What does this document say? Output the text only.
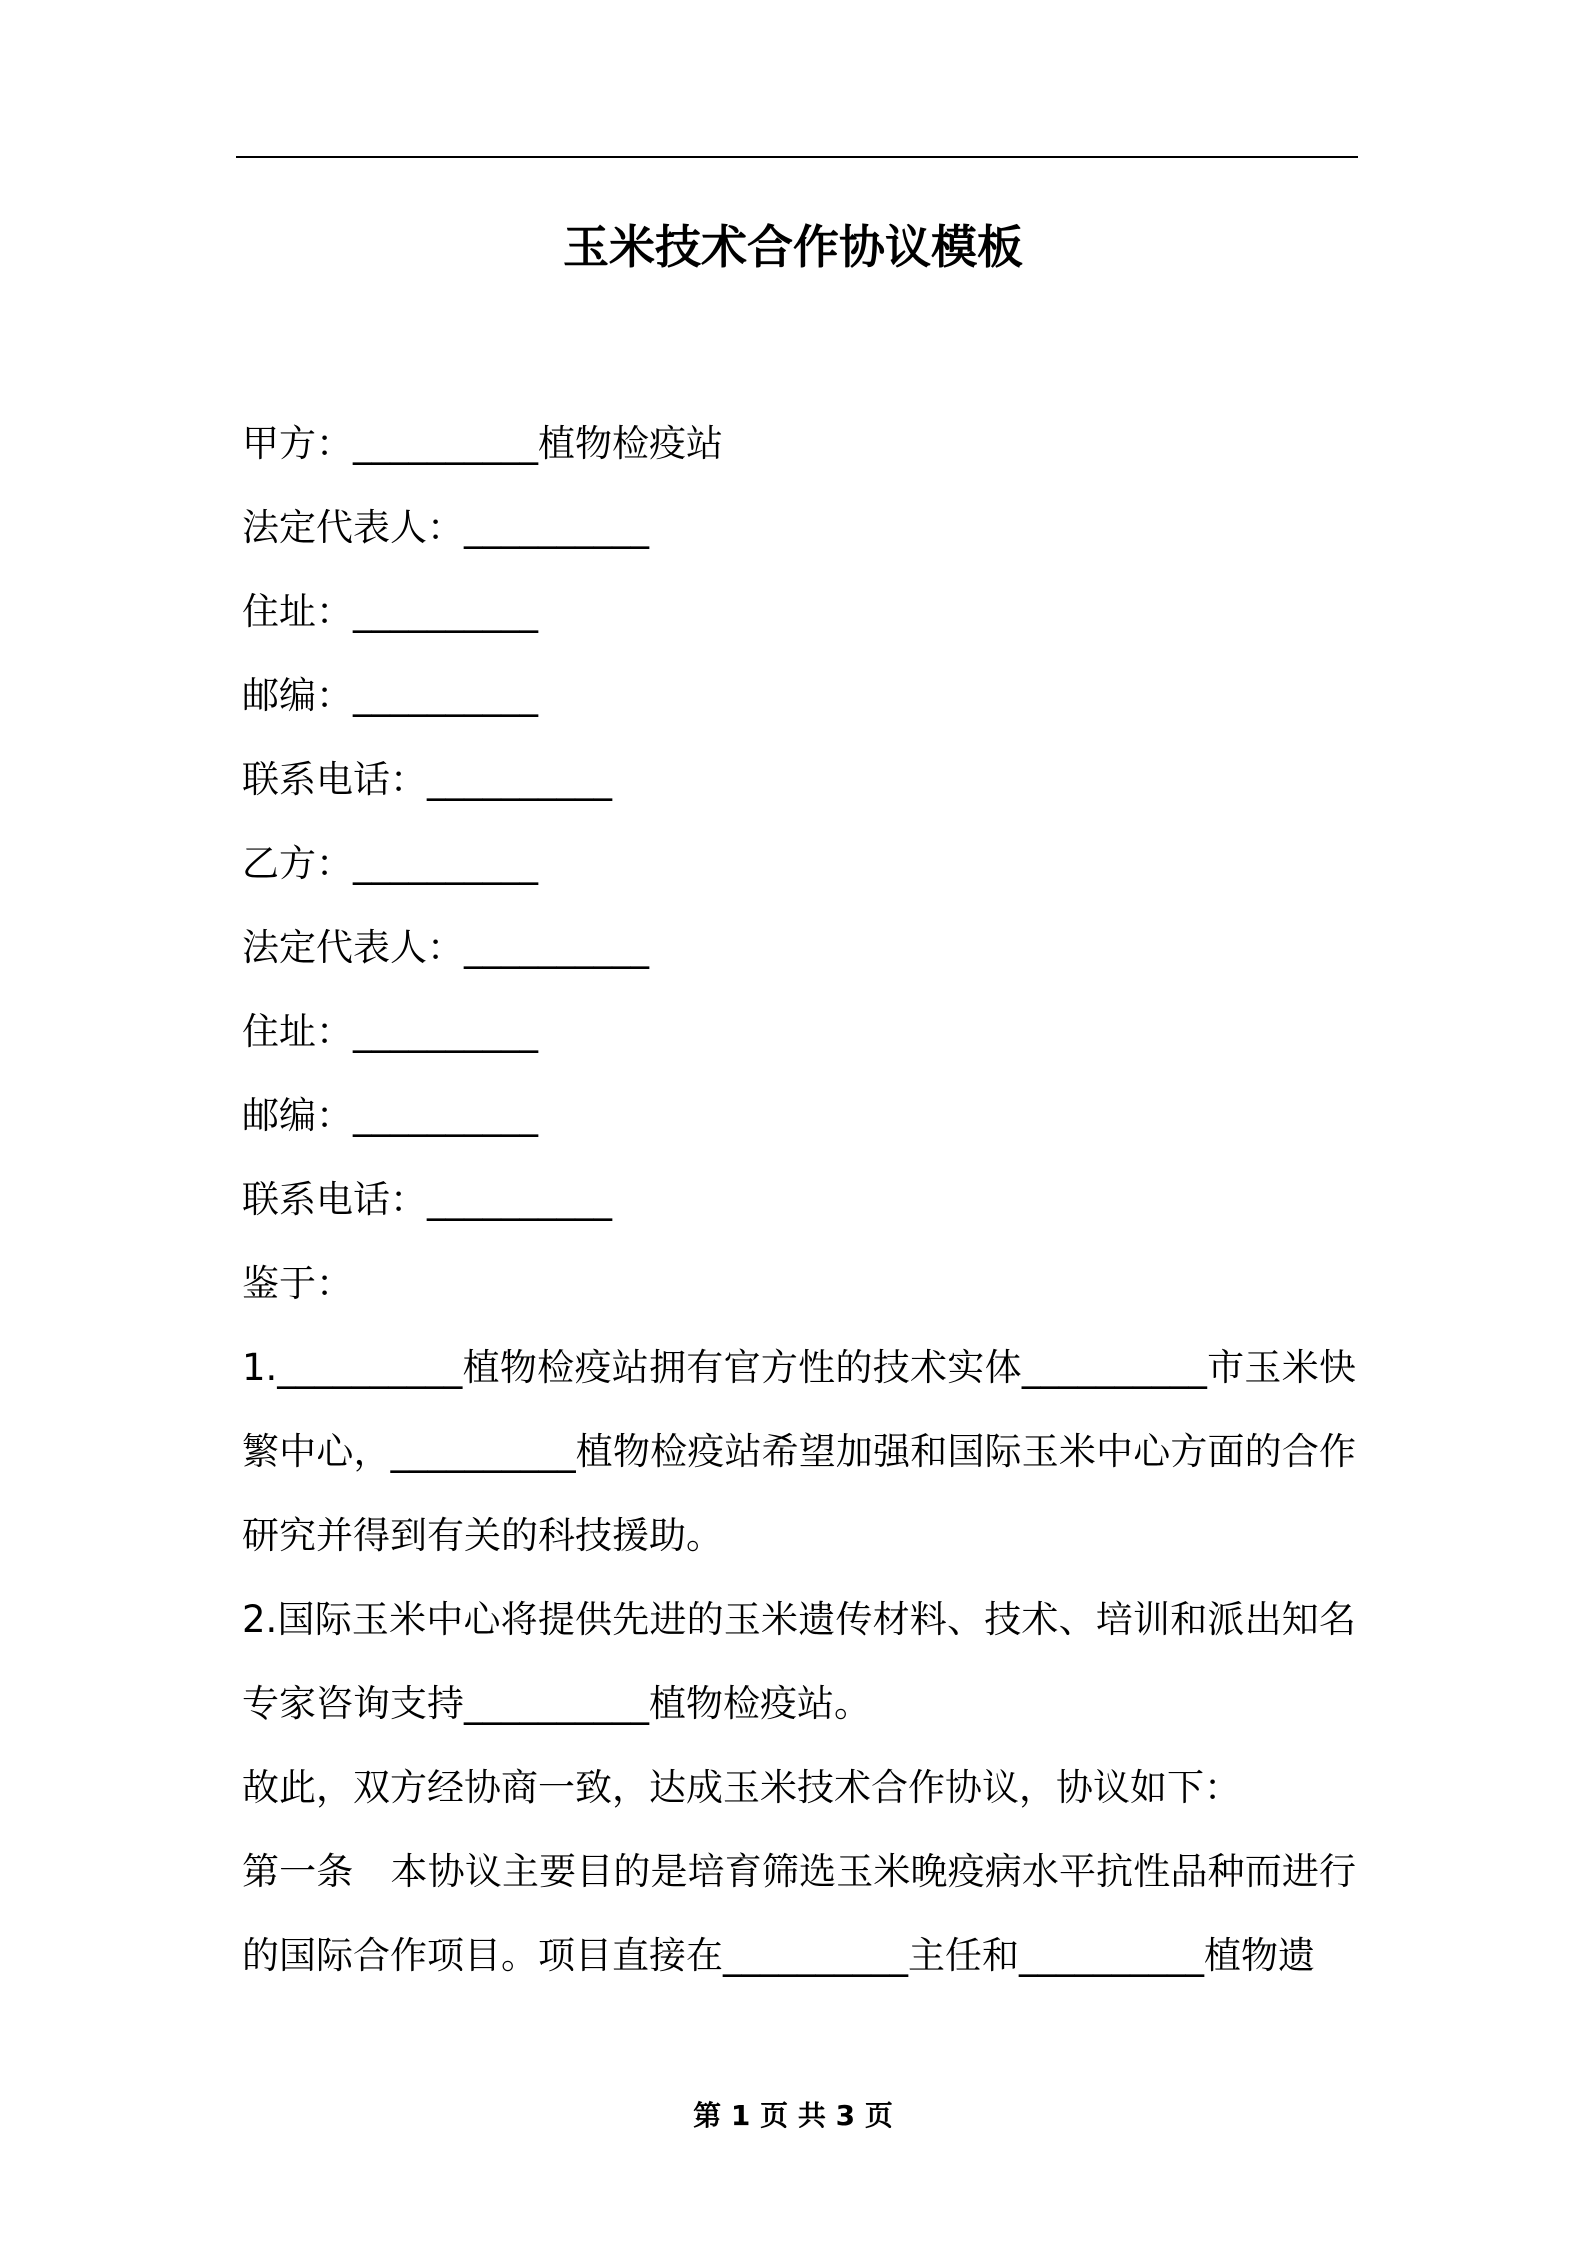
玉米技术合作协议模板
甲方：__________植物检疫站
法定代表人：__________
住址：__________
邮编：__________
联系电话：__________
乙方：__________
法定代表人：__________
住址：__________
邮编：__________
联系电话：__________
鉴于：
1.__________植物检疫站拥有官方性的技术实体__________市玉米快繁中心，__________植物检疫站希望加强和国际玉米中心方面的合作研究并得到有关的科技援助。
2.国际玉米中心将提供先进的玉米遗传材料、技术、培训和派出知名专家咨询支持__________植物检疫站。
故此，双方经协商一致，达成玉米技术合作协议，协议如下：
第一条　本协议主要目的是培育筛选玉米晚疫病水平抗性品种而进行的国际合作项目。项目直接在__________主任和__________植物遗
第 1 页 共 3 页
